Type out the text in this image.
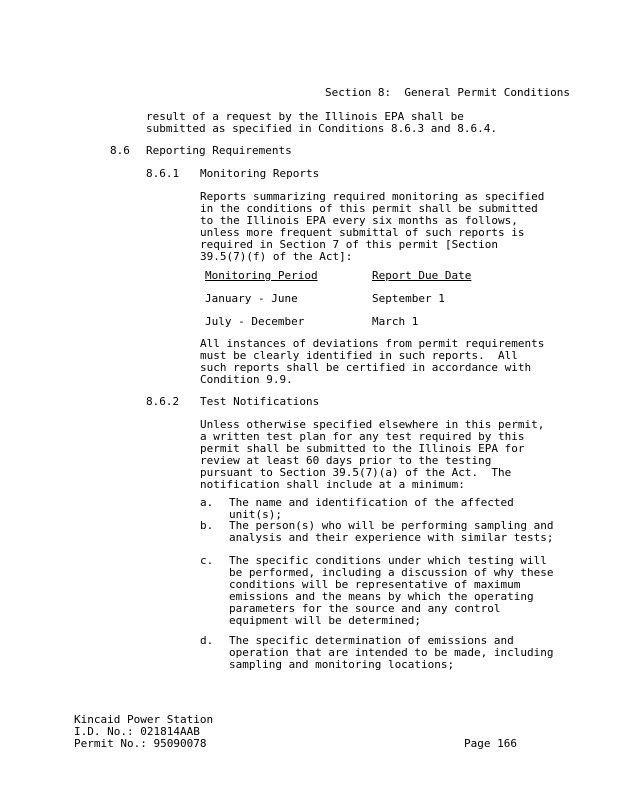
Section 8:  General Permit Conditions
result of a request by the Illinois EPA shall be submitted as specified in Conditions 8.6.3 and 8.6.4.
8.6 Reporting Requirements
8.6.1 Monitoring Reports
Reports summarizing required monitoring as specified in the conditions of this permit shall be submitted to the Illinois EPA every six months as follows, unless more frequent submittal of such reports is required in Section 7 of this permit [Section 39.5(7)(f) of the Act]:
Monitoring Period	Report Due Date
January - June	September 1
July - December	March 1
All instances of deviations from permit requirements must be clearly identified in such reports.  All such reports shall be certified in accordance with Condition 9.9.
8.6.2 Test Notifications
Unless otherwise specified elsewhere in this permit, a written test plan for any test required by this permit shall be submitted to the Illinois EPA for review at least 60 days prior to the testing pursuant to Section 39.5(7)(a) of the Act.  The notification shall include at a minimum:
a. The name and identification of the affected unit(s);
b. The person(s) who will be performing sampling and analysis and their experience with similar tests;
c. The specific conditions under which testing will be performed, including a discussion of why these conditions will be representative of maximum emissions and the means by which the operating parameters for the source and any control equipment will be determined;
d. The specific determination of emissions and operation that are intended to be made, including sampling and monitoring locations;
Kincaid Power Station
I.D. No.: 021814AAB
Permit No.: 95090078	Page 166
